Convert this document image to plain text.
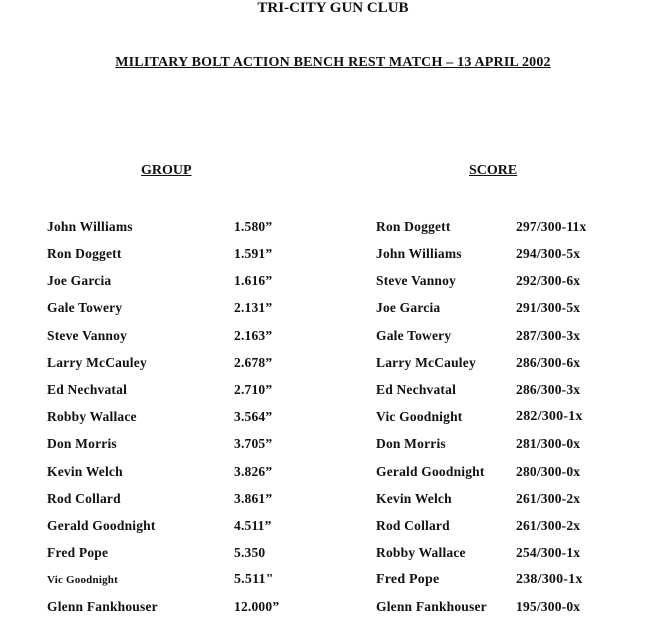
TRI-CITY GUN CLUB
MILITARY BOLT ACTION BENCH REST MATCH – 13 APRIL 2002
GROUP	SCORE
John Williams	1.580”
Ron Doggett	1.591”
Joe Garcia	1.616”
Gale Towery	2.131”
Steve Vannoy	2.163”
Larry McCauley	2.678”
Ed Nechvatal	2.710”
Robby Wallace	3.564”
Don Morris	3.705”
Kevin Welch	3.826”
Rod Collard	3.861”
Gerald Goodnight	4.511”
Fred Pope	5.350
Vic Goodnight	5.511"
Glenn Fankhouser	12.000”
Ron Doggett	297/300-11x
John Williams	294/300-5x
Steve Vannoy	292/300-6x
Joe Garcia	291/300-5x
Gale Towery	287/300-3x
Larry McCauley	286/300-6x
Ed Nechvatal	286/300-3x
Vic Goodnight	282/300-1x
Don Morris	281/300-0x
Gerald Goodnight 280/300-0x
Kevin Welch	261/300-2x
Rod Collard	261/300-2x
Robby Wallace	254/300-1x
Fred Pope	238/300-1x
Glenn Fankhouser 195/300-0x
